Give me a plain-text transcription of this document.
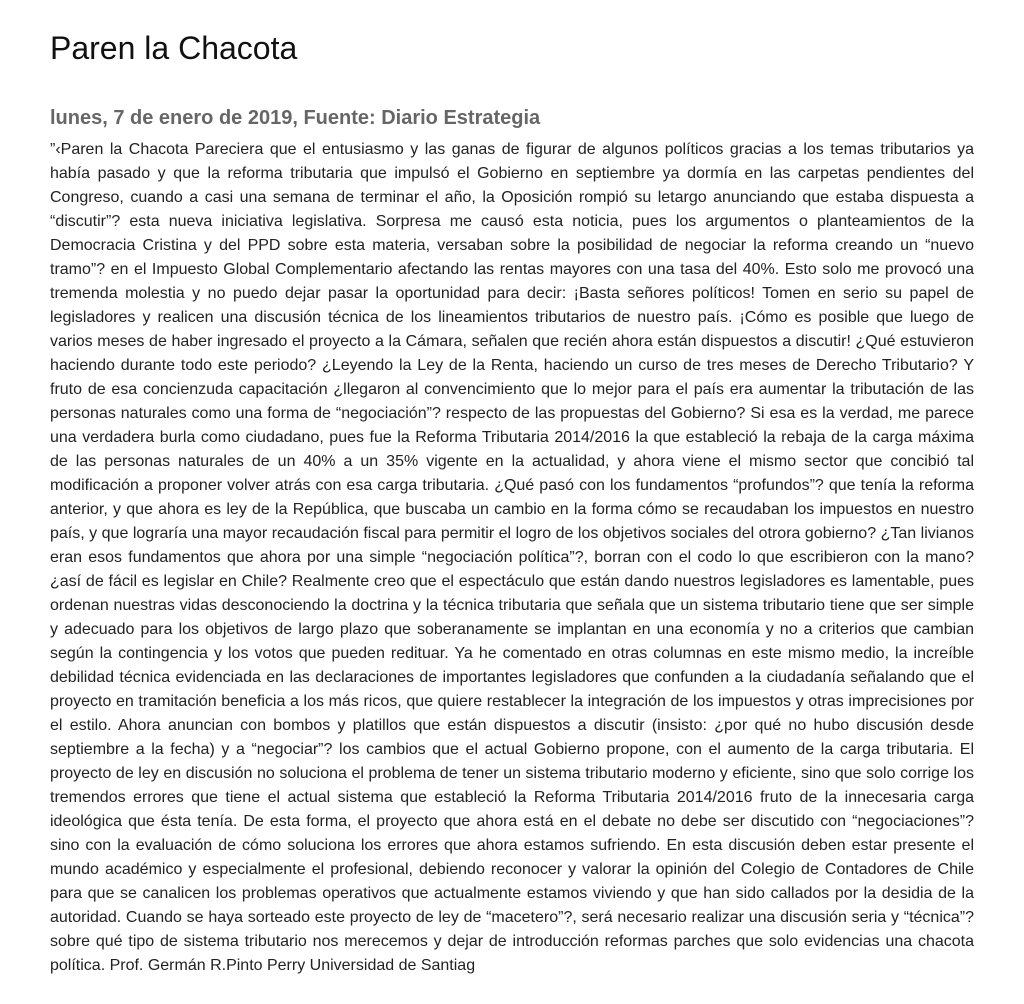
Paren la Chacota
lunes, 7 de enero de 2019, Fuente: Diario Estrategia

”‹Paren la Chacota Pareciera que el entusiasmo y las ganas de figurar de algunos políticos gracias a los temas tributarios ya había pasado y que la reforma tributaria que impulsó el Gobierno en septiembre ya dormía en las carpetas pendientes del Congreso, cuando a casi una semana de terminar el año, la Oposición rompió su letargo anunciando que estaba dispuesta a “discutir”? esta nueva iniciativa legislativa. Sorpresa me causó esta noticia, pues los argumentos o planteamientos de la Democracia Cristina y del PPD sobre esta materia, versaban sobre la posibilidad de negociar la reforma creando un “nuevo tramo”? en el Impuesto Global Complementario afectando las rentas mayores con una tasa del 40%. Esto solo me provocó una tremenda molestia y no puedo dejar pasar la oportunidad para decir: ¡Basta señores políticos! Tomen en serio su papel de legisladores y realicen una discusión técnica de los lineamientos tributarios de nuestro país. ¡Cómo es posible que luego de varios meses de haber ingresado el proyecto a la Cámara, señalen que recién ahora están dispuestos a discutir! ¿Qué estuvieron haciendo durante todo este periodo? ¿Leyendo la Ley de la Renta, haciendo un curso de tres meses de Derecho Tributario? Y fruto de esa concienzuda capacitación ¿llegaron al convencimiento que lo mejor para el país era aumentar la tributación de las personas naturales como una forma de “negociación”? respecto de las propuestas del Gobierno? Si esa es la verdad, me parece una verdadera burla como ciudadano, pues fue la Reforma Tributaria 2014/2016 la que estableció la rebaja de la carga máxima de las personas naturales de un 40% a un 35% vigente en la actualidad, y ahora viene el mismo sector que concibió tal modificación a proponer volver atrás con esa carga tributaria. ¿Qué pasó con los fundamentos “profundos”? que tenía la reforma anterior, y que ahora es ley de la República, que buscaba un cambio en la forma cómo se recaudaban los impuestos en nuestro país, y que lograría una mayor recaudación fiscal para permitir el logro de los objetivos sociales del otrora gobierno? ¿Tan livianos eran esos fundamentos que ahora por una simple “negociación política”?, borran con el codo lo que escribieron con la mano? ¿así de fácil es legislar en Chile? Realmente creo que el espectáculo que están dando nuestros legisladores es lamentable, pues ordenan nuestras vidas desconociendo la doctrina y la técnica tributaria que señala que un sistema tributario tiene que ser simple y adecuado para los objetivos de largo plazo que soberanamente se implantan en una economía y no a criterios que cambian según la contingencia y los votos que pueden redituar. Ya he comentado en otras columnas en este mismo medio, la increíble debilidad técnica evidenciada en las declaraciones de importantes legisladores que confunden a la ciudadanía señalando que el proyecto en tramitación beneficia a los más ricos, que quiere restablecer la integración de los impuestos y otras imprecisiones por el estilo. Ahora anuncian con bombos y platillos que están dispuestos a discutir (insisto: ¿por qué no hubo discusión desde septiembre a la fecha) y a “negociar”? los cambios que el actual Gobierno propone, con el aumento de la carga tributaria. El proyecto de ley en discusión no soluciona el problema de tener un sistema tributario moderno y eficiente, sino que solo corrige los tremendos errores que tiene el actual sistema que estableció la Reforma Tributaria 2014/2016 fruto de la innecesaria carga ideológica que ésta tenía. De esta forma, el proyecto que ahora está en el debate no debe ser discutido con “negociaciones”? sino con la evaluación de cómo soluciona los errores que ahora estamos sufriendo. En esta discusión deben estar presente el mundo académico y especialmente el profesional, debiendo reconocer y valorar la opinión del Colegio de Contadores de Chile para que se canalicen los problemas operativos que actualmente estamos viviendo y que han sido callados por la desidia de la autoridad. Cuando se haya sorteado este proyecto de ley de “macetero”?, será necesario realizar una discusión seria y “técnica”? sobre qué tipo de sistema tributario nos merecemos y dejar de introducción reformas parches que solo evidencias una chacota política. Prof. Germán R.Pinto Perry Universidad de Santiag
